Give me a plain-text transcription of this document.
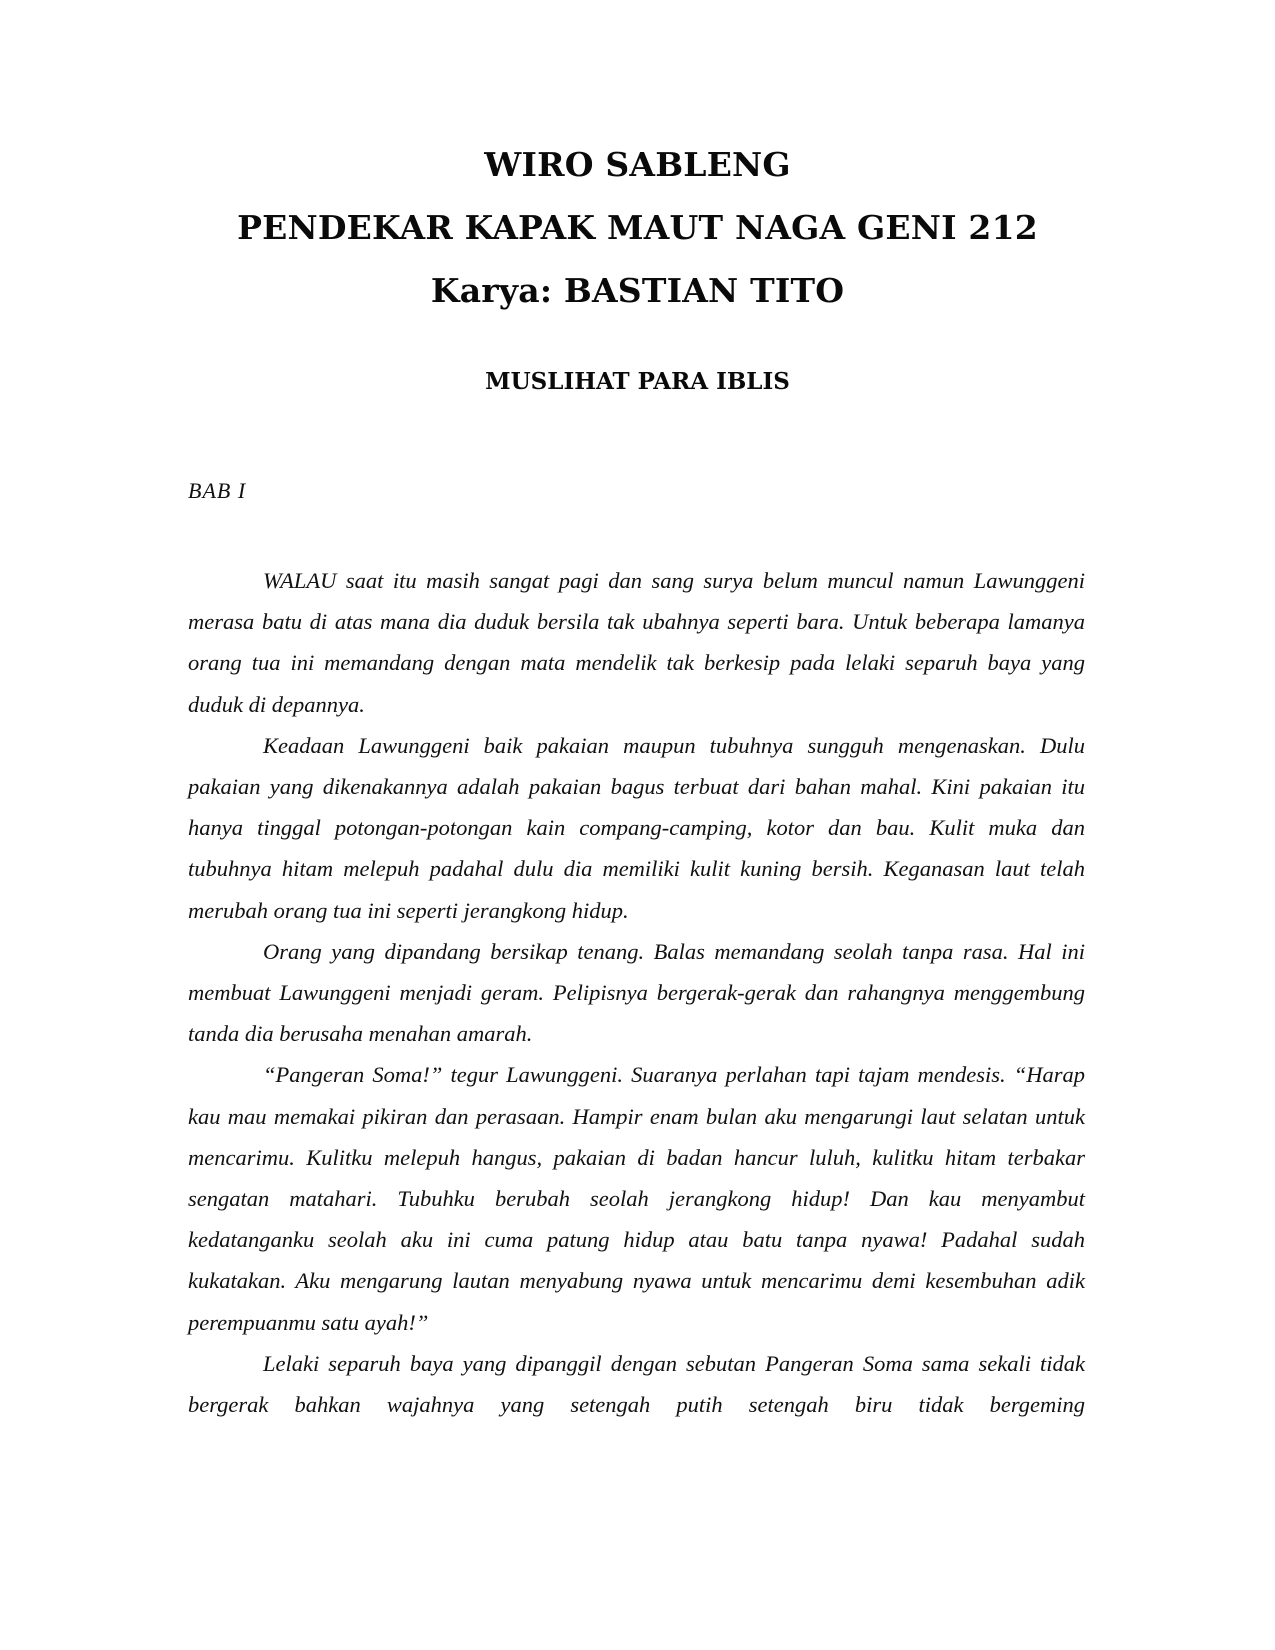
WIRO SABLENG
PENDEKAR KAPAK MAUT NAGA GENI 212
Karya: BASTIAN TITO
MUSLIHAT PARA IBLIS
BAB I

WALAU saat itu masih sangat pagi dan sang surya belum muncul namun Lawunggeni merasa batu di atas mana dia duduk bersila tak ubahnya seperti bara. Untuk beberapa lamanya orang tua ini memandang dengan mata mendelik tak berkesip pada lelaki separuh baya yang duduk di depannya.

Keadaan Lawunggeni baik pakaian maupun tubuhnya sungguh mengenaskan. Dulu pakaian yang dikenakannya adalah pakaian bagus terbuat dari bahan mahal. Kini pakaian itu hanya tinggal potongan-potongan kain compang-camping, kotor dan bau. Kulit muka dan tubuhnya hitam melepuh padahal dulu dia memiliki kulit kuning bersih. Keganasan laut telah merubah orang tua ini seperti jerangkong hidup.

Orang yang dipandang bersikap tenang. Balas memandang seolah tanpa rasa. Hal ini membuat Lawunggeni menjadi geram. Pelipisnya bergerak-gerak dan rahangnya menggembung tanda dia berusaha menahan amarah.

“Pangeran Soma!” tegur Lawunggeni. Suaranya perlahan tapi tajam mendesis. “Harap kau mau memakai pikiran dan perasaan. Hampir enam bulan aku mengarungi laut selatan untuk mencarimu. Kulitku melepuh hangus, pakaian di badan hancur luluh, kulitku hitam terbakar sengatan matahari. Tubuhku berubah seolah jerangkong hidup! Dan kau menyambut kedatanganku seolah aku ini cuma patung hidup atau batu tanpa nyawa! Padahal sudah kukatakan. Aku mengarung lautan menyabung nyawa untuk mencarimu demi kesembuhan adik perempuanmu satu ayah!”

Lelaki separuh baya yang dipanggil dengan sebutan Pangeran Soma sama sekali tidak bergerak bahkan wajahnya yang setengah putih setengah biru tidak bergeming
